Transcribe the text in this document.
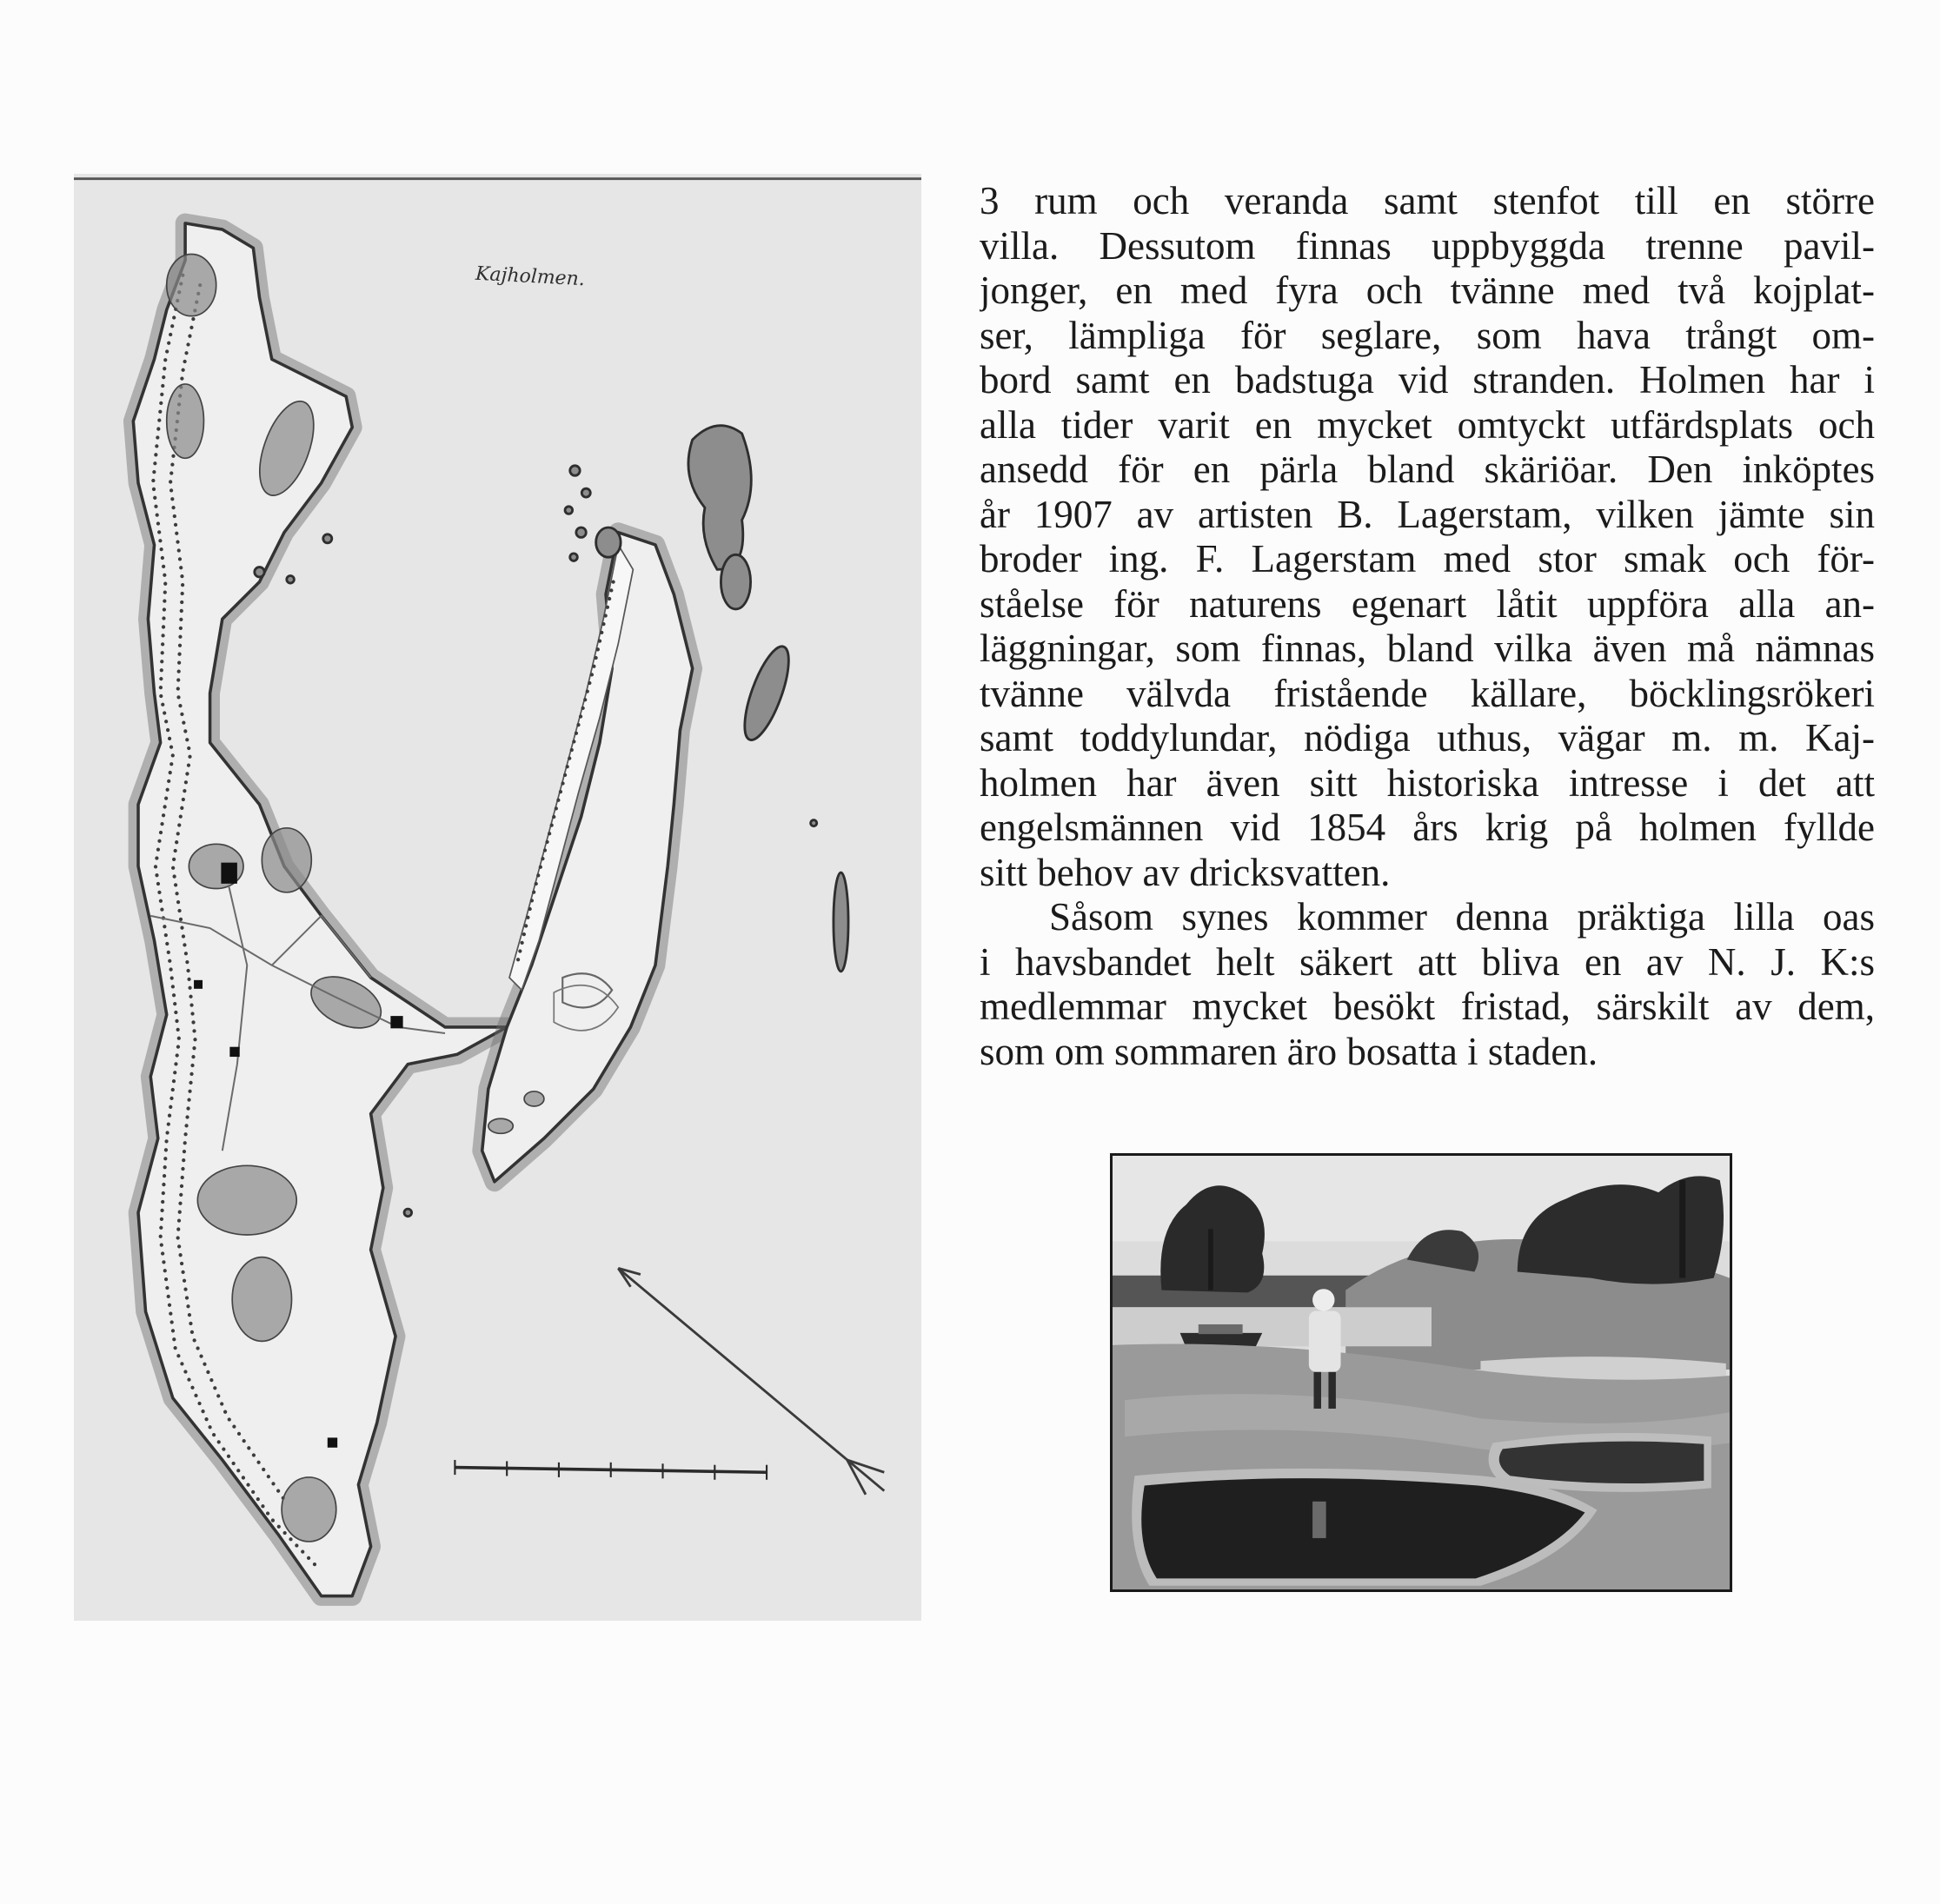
Kajholmen.
3 rum och veranda samt stenfot till en större
villa. Dessutom finnas uppbyggda trenne pavil-
jonger, en med fyra och tvänne med två kojplat-
ser, lämpliga för seglare, som hava trångt om-
bord samt en badstuga vid stranden. Holmen har i
alla tider varit en mycket omtyckt utfärdsplats och
ansedd för en pärla bland skäriöar. Den inköptes
år 1907 av artisten B. Lagerstam, vilken jämte sin
broder ing. F. Lagerstam med stor smak och för-
ståelse för naturens egenart låtit uppföra alla an-
läggningar, som finnas, bland vilka även må nämnas
tvänne välvda fristående källare, böcklingsrökeri
samt toddylundar, nödiga uthus, vägar m. m. Kaj-
holmen har även sitt historiska intresse i det att
engelsmännen vid 1854 års krig på holmen fyllde
sitt behov av dricksvatten.
Såsom synes kommer denna präktiga lilla oas
i havsbandet helt säkert att bliva en av N. J. K:s
medlemmar mycket besökt fristad, särskilt av dem,
som om sommaren äro bosatta i staden.
